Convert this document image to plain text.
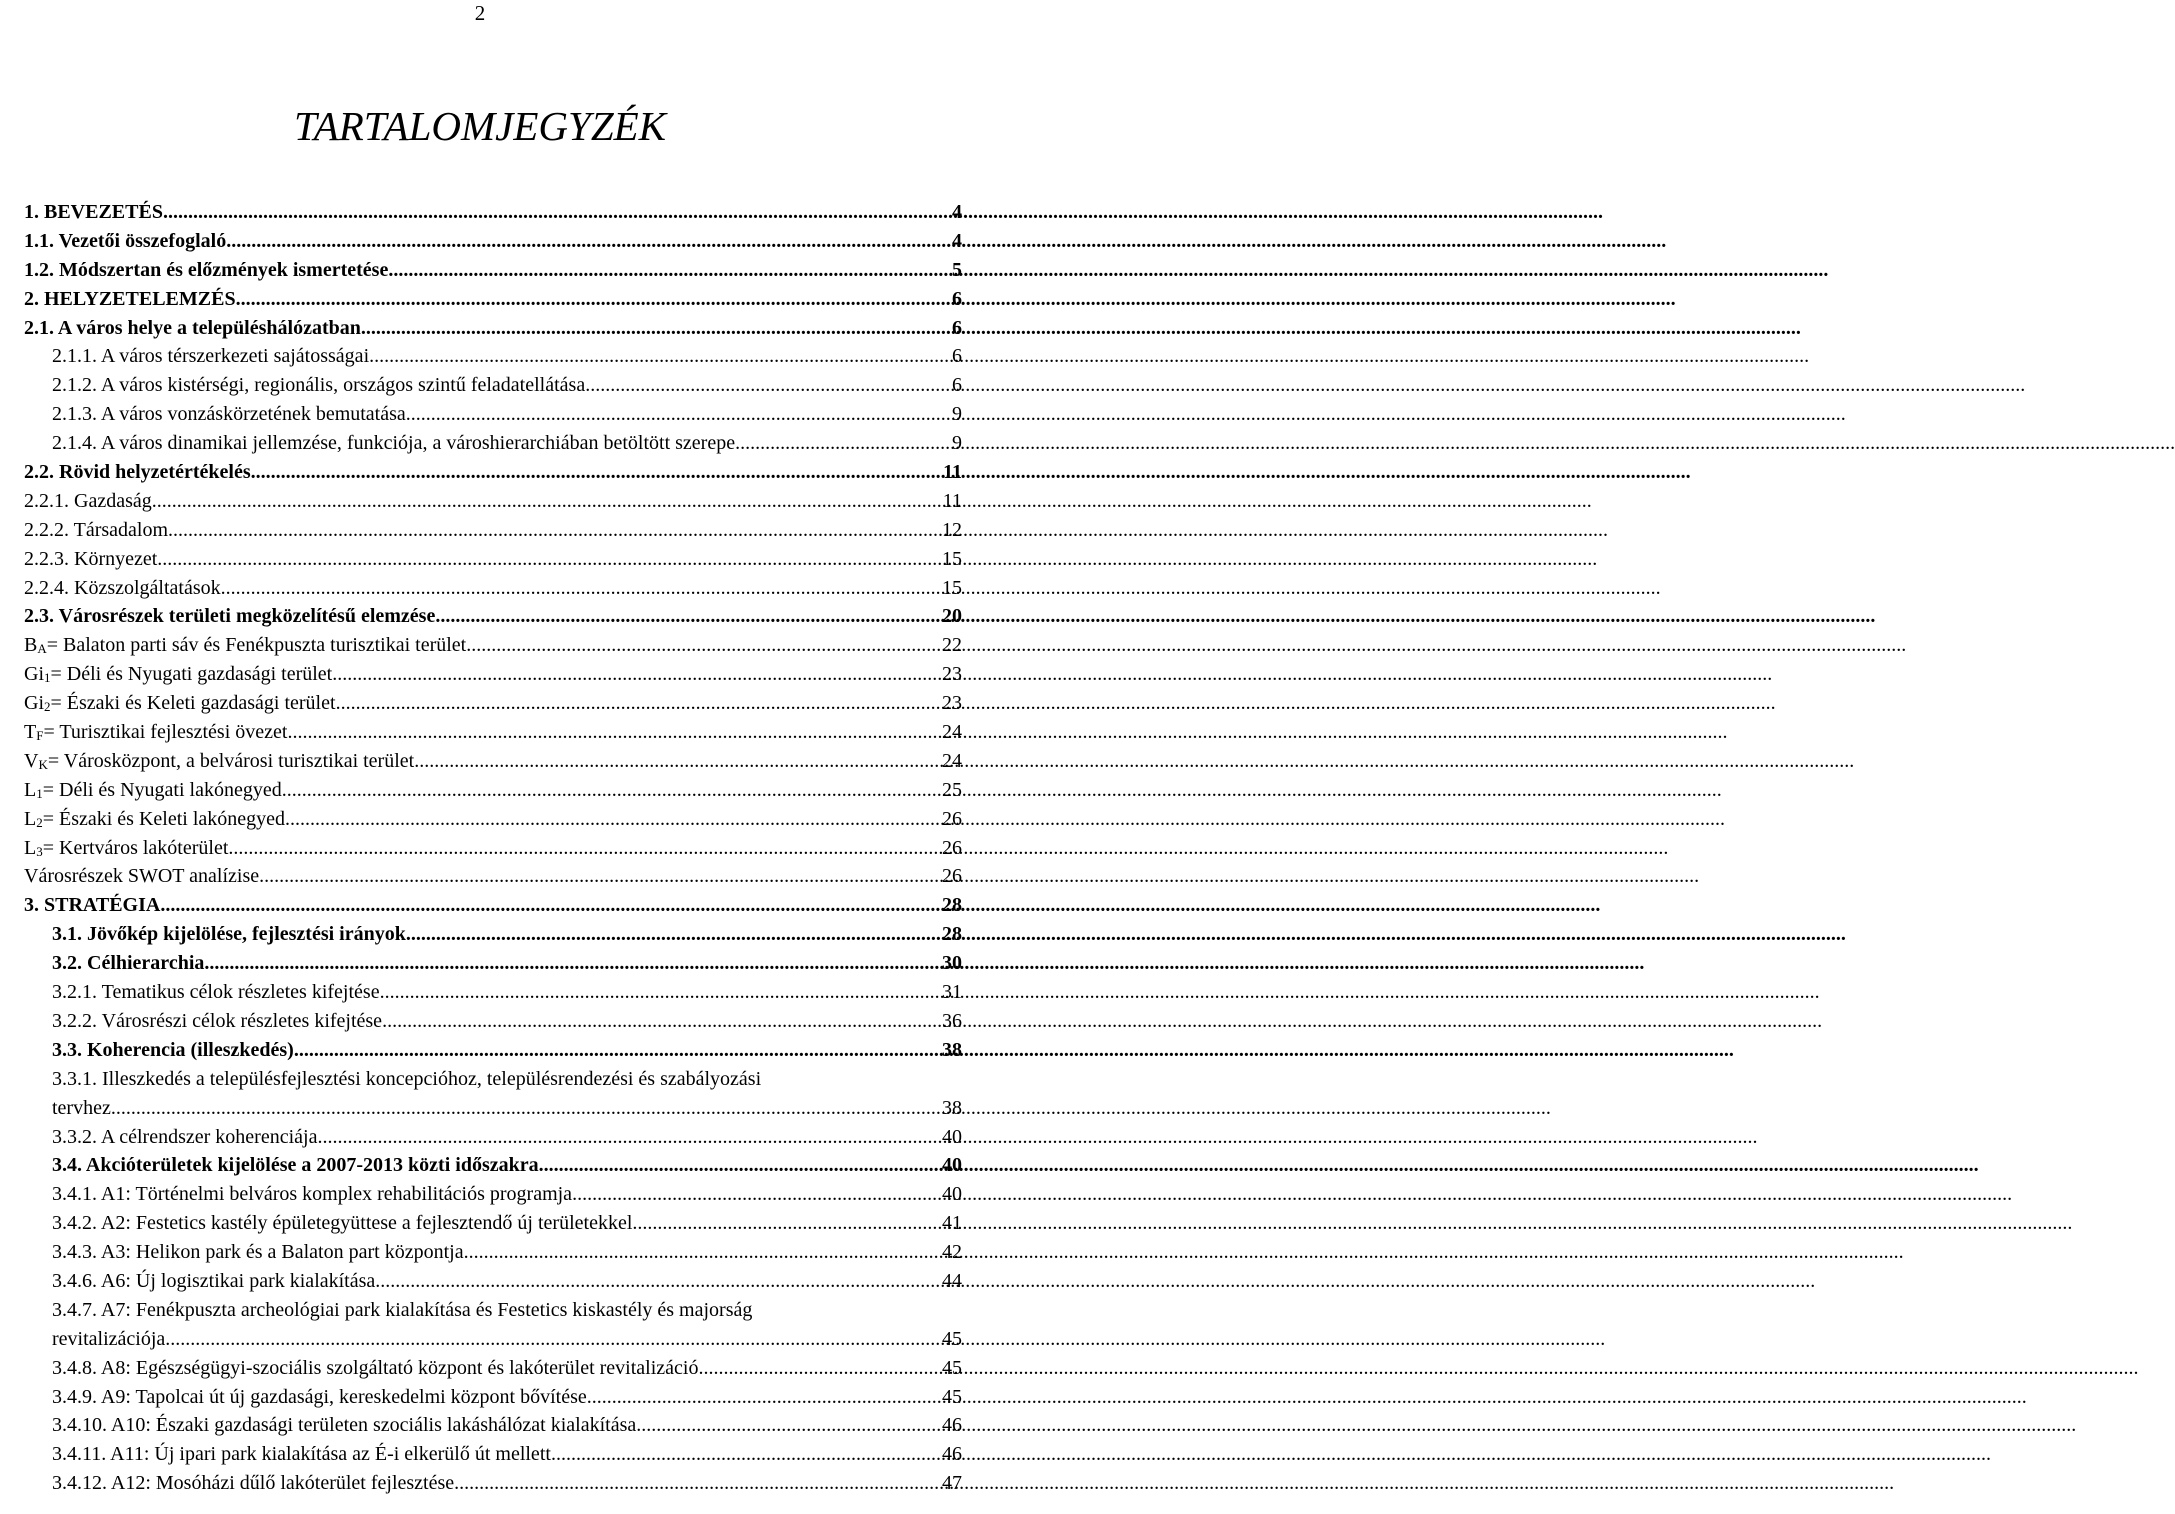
2
TARTALOMJEGYZÉK
1. BEVEZETÉS .....	4
1.1. Vezetői összefoglaló .....	4
1.2. Módszertan és előzmények ismertetése .....	5
2. HELYZETELEMZÉS .....	6
2.1. A város helye a településhálózatban .....	6
2.1.1. A város térszerkezeti sajátosságai .....	6
2.1.2. A város kistérségi, regionális, országos szintű feladatellátása .....	6
2.1.3. A város vonzáskörzetének bemutatása .....	9
2.1.4. A város dinamikai jellemzése, funkciója, a városhierarchiában betöltött szerepe .....	9
2.2. Rövid helyzetértékelés .....	11
2.2.1. Gazdaság .....	11
2.2.2. Társadalom .....	12
2.2.3. Környezet .....	15
2.2.4. Közszolgáltatások .....	15
2.3. Városrészek területi megközelítésű elemzése .....	20
$B_A=$ Balaton parti sáv és Fenékpuszta turisztikai terület .....	22
$Gi_1=$ Déli és Nyugati gazdasági terület .....	23
$Gi_2=$ Északi és Keleti gazdasági terület .....	23
$T_F=$ Turisztikai fejlesztési övezet .....	24
$V_K=$ Városközpont, a belvárosi turisztikai terület .....	24
$L_1=$ Déli és Nyugati lakónegyed .....	25
$L_2=$ Északi és Keleti lakónegyed .....	26
$L_3=$ Kertváros lakóterület .....	26
Városrészek SWOT analízise .....	26
3. STRATÉGIA .....	28
3.1. Jövőkép kijelölése, fejlesztési irányok .....	28
3.2. Célhierarchia .....	30
3.2.1. Tematikus célok részletes kifejtése .....	31
3.2.2. Városrészi célok részletes kifejtése .....	36
3.3. Koherencia (illeszkedés) .....	38
3.3.1. Illeszkedés a településfejlesztési koncepcióhoz, településrendezési és szabályozási
tervhez .....	38
3.3.2. A célrendszer koherenciája .....	40
3.4. Akcióterületek kijelölése a 2007-2013 közti időszakra .....	40
3.4.1. A1: Történelmi belváros komplex rehabilitációs programja .....	40
3.4.2. A2: Festetics kastély épületegyüttese a fejlesztendő új területekkel .....	41
3.4.3. A3: Helikon park és a Balaton part központja .....	42
3.4.6. A6: Új logisztikai park kialakítása .....	44
3.4.7. A7: Fenékpuszta archeológiai park kialakítása és Festetics kiskastély és majorság
revitalizációja .....	45
3.4.8. A8: Egészségügyi-szociális szolgáltató központ és lakóterület revitalizáció .....	45
3.4.9. A9: Tapolcai út új gazdasági, kereskedelmi központ bővítése .....	45
3.4.10. A10: Északi gazdasági területen szociális lakáshálózat kialakítása .....	46
3.4.11. A11: Új ipari park kialakítása az É-i elkerülő út mellett .....	46
3.4.12. A12: Mosóházi dűlő lakóterület fejlesztése .....	47
